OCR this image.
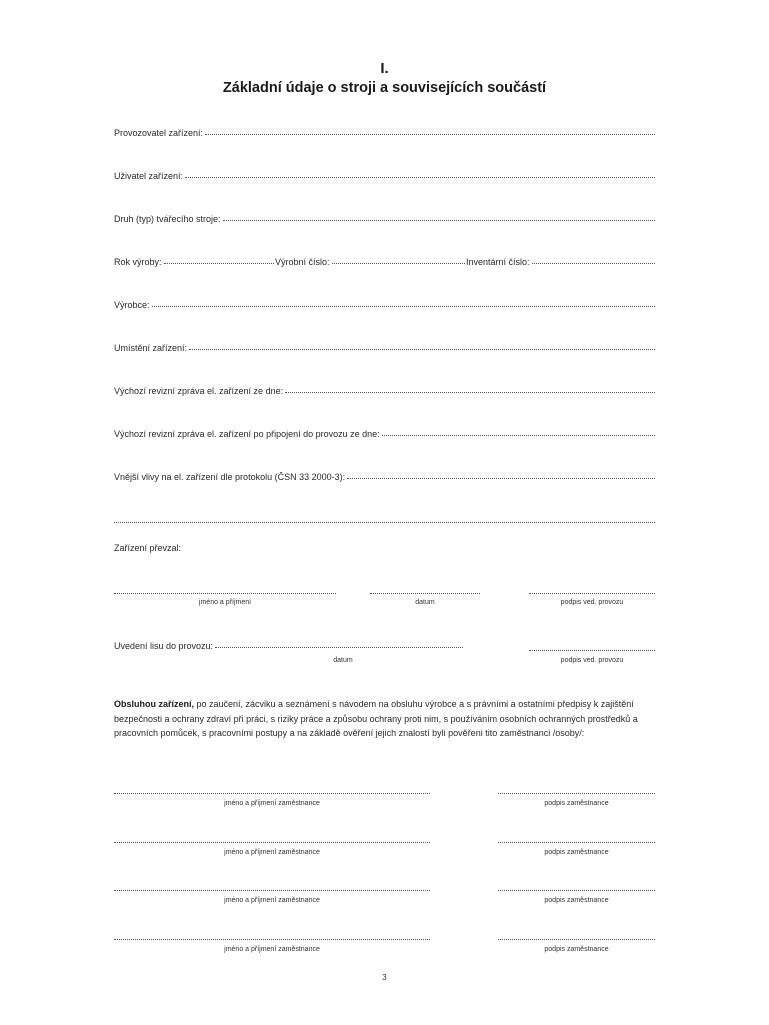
I.
Základní údaje o stroji a souvisejících součástí
Provozovatel zařízení:
Uživatel zařízení:
Druh (typ) tvářecího stroje:
Rok výroby:	Výrobní číslo:	Inventární číslo:
Výrobce:
Umístění zařízení:
Výchozí revizní zpráva el. zařízení ze dne:
Výchozí revizní zpráva el. zařízení po připojení do provozu ze dne:
Vnější vlivy na el. zařízení dle protokolu (ČSN 33 2000-3):
Zařízení převzal:
jméno a příjmení	datum	podpis ved. provozu
Uvedení lisu do provozu:
datum	podpis ved. provozu
Obsluhou zařízení, po zaučení, zácviku a seznámení s návodem na obsluhu výrobce a s právními a ostatními předpisy k zajištění bezpečnosti a ochrany zdraví při práci, s riziky práce a způsobu ochrany proti nim, s používáním osobních ochranných prostředků a pracovních pomůcek, s pracovními postupy a na základě ověření jejich znalostí byli pověřeni tito zaměstnanci /osoby/:
jméno a příjmení zaměstnance	podpis zaměstnance
jméno a příjmení zaměstnance	podpis zaměstnance
jméno a příjmení zaměstnance	podpis zaměstnance
jméno a příjmení zaměstnance	podpis zaměstnance
3
